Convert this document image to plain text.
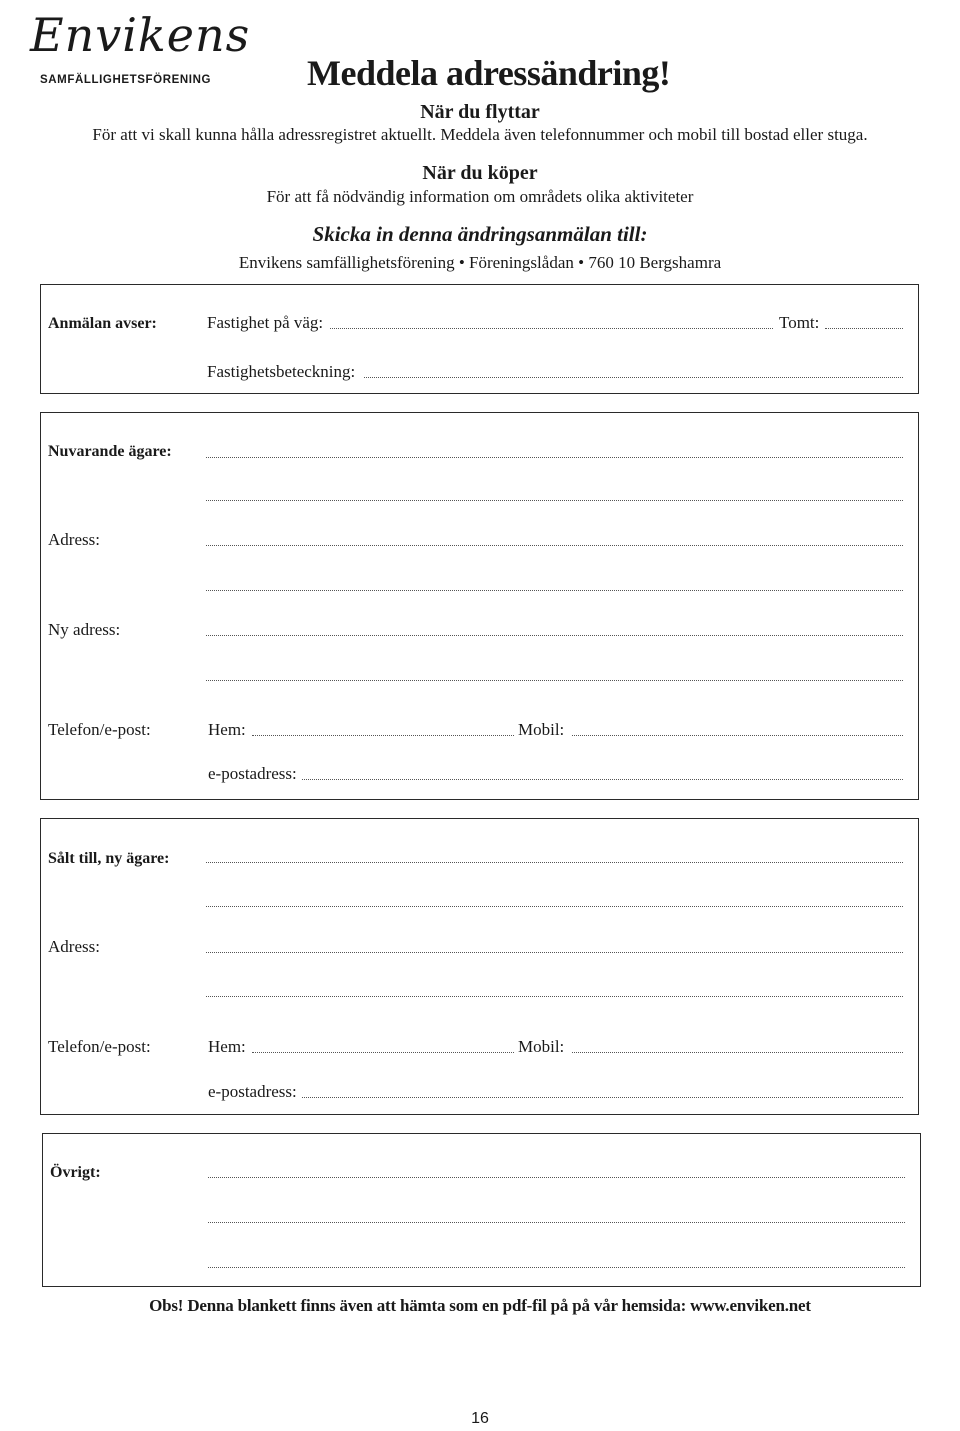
Envikens
SAMFÄLLIGHETSFÖRENING	Meddela adressändring!
När du flyttar
För att vi skall kunna hålla adressregistret aktuellt. Meddela även telefonnummer och mobil till bostad eller stuga.
När du köper
För att få nödvändig information om områdets olika aktiviteter
Skicka in denna ändringsanmälan till:
Envikens samfällighetsförening • Föreningslådan • 760 10 Bergshamra
Anmälan avser:	Fastighet på väg:	Tomt:
Fastighetsbeteckning:
Nuvarande ägare:
Adress:
Ny adress:
Telefon/e-post:	Hem:	Mobil:
e-postadress:
Sålt till, ny ägare:
Adress:
Telefon/e-post:	Hem:	Mobil:
e-postadress:
Övrigt:
Obs! Denna blankett finns även att hämta som en pdf-fil på på vår hemsida: www.enviken.net
16
